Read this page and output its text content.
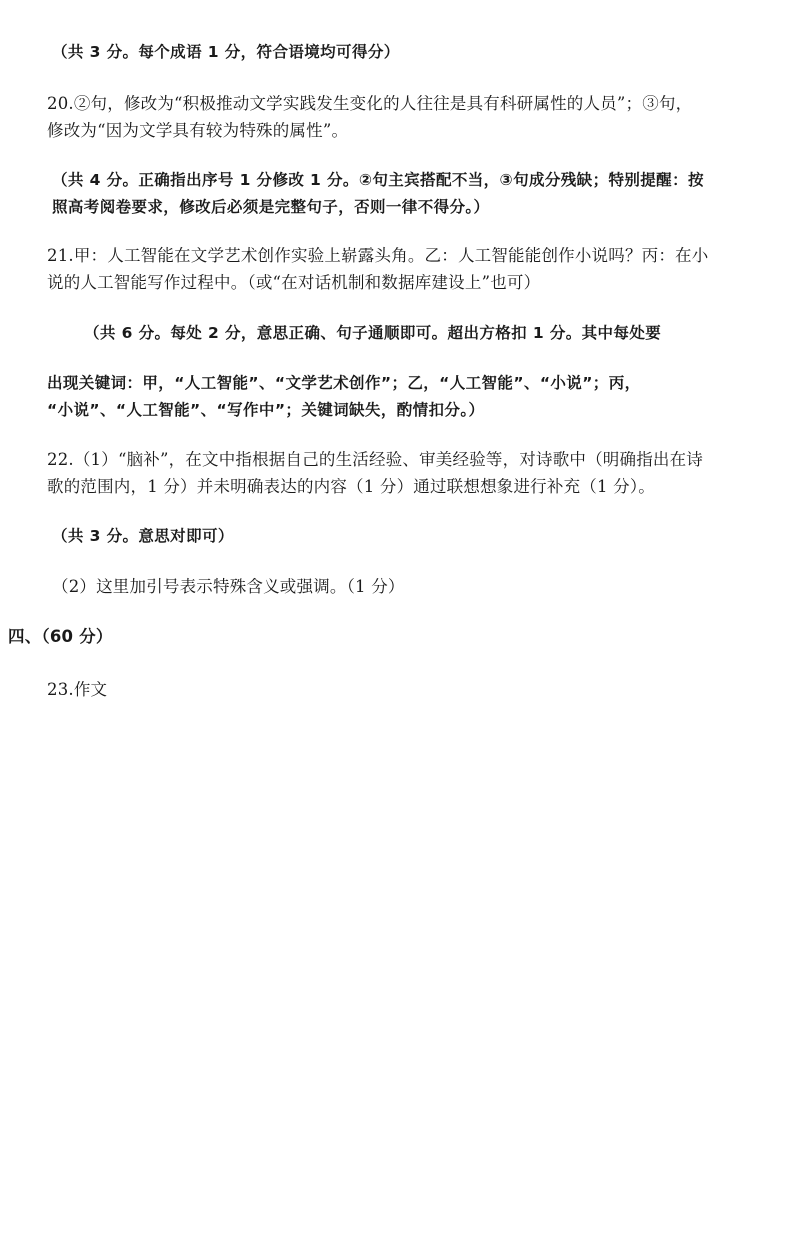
（共 3 分。每个成语 1 分，符合语境均可得分）
20.②句，修改为“积极推动文学实践发生变化的人往往是具有科研属性的人员”；③句，
修改为“因为文学具有较为特殊的属性”。
（共 4 分。正确指出序号 1 分修改 1 分。②句主宾搭配不当，③句成分残缺；特别提醒：按
照高考阅卷要求，修改后必须是完整句子，否则一律不得分。）
21.甲：人工智能在文学艺术创作实验上崭露头角。乙：人工智能能创作小说吗？丙：在小
说的人工智能写作过程中。（或“在对话机制和数据库建设上”也可）
（共 6 分。每处 2 分，意思正确、句子通顺即可。超出方格扣 1 分。其中每处要
出现关键词：甲，“人工智能”、“文学艺术创作”；乙，“人工智能”、“小说”；丙，
“小说”、“人工智能”、“写作中”；关键词缺失，酌情扣分。）
22.（1）“脑补”，在文中指根据自己的生活经验、审美经验等，对诗歌中（明确指出在诗
歌的范围内，1 分）并未明确表达的内容（1 分）通过联想想象进行补充（1 分）。
（共 3 分。意思对即可）
（2）这里加引号表示特殊含义或强调。（1 分）
四、（60 分）
23.作文
